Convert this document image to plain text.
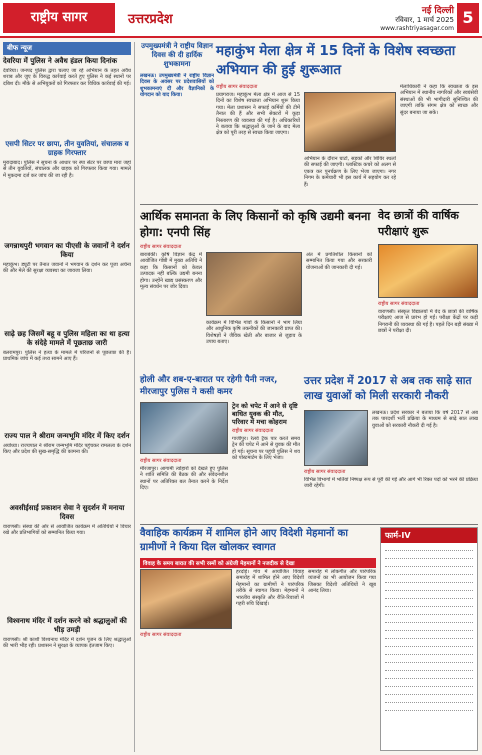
राष्ट्रीय सागर	उत्तरप्रदेश
नई दिल्ली
रविवार, 1 मार्च 2025
www.rashtriyasagar.com
5
बीफ न्यूज
देवरिया में पुलिस ने अवैध हंडल किया दिनांक
देवरिया। जनपद पुलिस द्वारा चलाए जा रहे अभियान के तहत अवैध शराब और जुए के विरुद्ध कार्रवाई करते हुए पुलिस ने कई स्थानों पर दबिश दी। मौके से अभियुक्तों को गिरफ्तार कर विधिक कार्रवाई की गई।
एसपी सिटर पर छापा, तीन युवतियां, संचालक व ग्राहक गिरफ्तार
मुरादाबाद। पुलिस ने सूचना के आधार पर स्पा सेंटर पर छापा मारा जहां से तीन युवतियों, संचालक और ग्राहक को गिरफ्तार किया गया। मामले में मुकदमा दर्ज कर जांच की जा रही है।
जगन्नाथपुरी भगवान का पीएसी के जवानों ने दर्शन किया
महाकुंभ। ड्यूटी पर तैनात जवानों ने भगवान के दर्शन कर पूजा अर्चना की और मेले की सुरक्षा व्यवस्था का जायजा लिया।
साढ़े छह जिसमें बहू व पुलिस महिला का था हत्या के संदेहे मामले में पूछताछ जारी
बलरामपुर। पुलिस ने हत्या के मामले में परिजनों से पूछताछ की है। प्राथमिक जांच में कई तथ्य सामने आए हैं।
राज्य पाल ने श्रीराम जन्मभूमि मंदिर में किए दर्शन
अयोध्या। राज्यपाल ने श्रीराम जन्मभूमि मंदिर पहुंचकर रामलला के दर्शन किए और प्रदेश की सुख-समृद्धि की कामना की।
अवसीईसाई प्रकाशन सेवा ने सुदर्शन में मनाया दिवस
वाराणसी। संस्था की ओर से आयोजित कार्यक्रम में अतिथियों ने विचार रखे और प्रतिभागियों को सम्मानित किया गया।
विश्वनाथ मंदिर में दर्शन करने को श्रद्धालुओं की भीड़ उमड़ी
वाराणसी। श्री काशी विश्वनाथ मंदिर में दर्शन पूजन के लिए श्रद्धालुओं की भारी भीड़ रही। प्रशासन ने सुरक्षा के व्यापक इंतजाम किए।
उपमुख्यमंत्री ने राष्ट्रीय विज्ञान दिवस की दी हार्दिक शुभकामना
लखनऊ। उपमुख्यमंत्री ने राष्ट्रीय विज्ञान दिवस के अवसर पर प्रदेशवासियों को शुभकामनाएं दीं और वैज्ञानिकों के योगदान को याद किया।
महाकुंभ मेला क्षेत्र में 15 दिनों के विशेष स्वच्छता अभियान की हुई शुरूआत
राष्ट्रीय सागर संवाददाता
प्रयागराज। महाकुंभ मेला क्षेत्र में आज से 15 दिनों का विशेष स्वच्छता अभियान शुरू किया गया। मेला प्रशासन ने सफाई कर्मियों की टीमें तैनात की हैं और सभी सेक्टरों में कूड़ा निस्तारण की व्यवस्था की गई है। अधिकारियों ने बताया कि श्रद्धालुओं के जाने के बाद मेला क्षेत्र को पूरी तरह से स्वच्छ किया जाएगा।
अभियान के दौरान घाटों, सड़कों और शिविर स्थलों की सफाई की जाएगी। प्लास्टिक कचरे को अलग से एकत्र कर पुनर्चक्रण के लिए भेजा जाएगा। नगर निगम के कर्मचारी भी इस कार्य में सहयोग कर रहे हैं।
मेलाधिकारी ने कहा कि स्वच्छता के इस अभियान में स्थानीय नागरिकों और स्वयंसेवी संस्थाओं की भी भागीदारी सुनिश्चित की जाएगी ताकि संगम क्षेत्र को स्वच्छ और सुंदर बनाया जा सके।
आर्थिक समानता के लिए किसानों को कृषि उद्यमी बनना होगा: एनपी सिंह
राष्ट्रीय सागर संवाददाता
बाराबंकी। कृषि विज्ञान केंद्र में आयोजित गोष्ठी में मुख्य अतिथि ने कहा कि किसानों को केवल उत्पादक नहीं बल्कि उद्यमी बनना होगा। उन्होंने खाद्य प्रसंस्करण और मूल्य संवर्धन पर जोर दिया।
कार्यक्रम में विभिन्न गांवों के किसानों ने भाग लिया और आधुनिक कृषि तकनीकों की जानकारी प्राप्त की। विशेषज्ञों ने जैविक खेती और बाजार से जुड़ाव के उपाय बताए।
अंत में प्रगतिशील किसानों को सम्मानित किया गया और सरकारी योजनाओं की जानकारी दी गई।
वेद छात्रों की वार्षिक परीक्षाएं शुरू
राष्ट्रीय सागर संवाददाता
वाराणसी। संस्कृत विद्यालयों में वेद के छात्रों की वार्षिक परीक्षाएं आज से प्रारंभ हो गईं। परीक्षा केंद्रों पर कड़ी निगरानी की व्यवस्था की गई है। पहले दिन बड़ी संख्या में छात्रों ने परीक्षा दी।
होली और शब-ए-बारात पर रहेगी पैनी नजर, मीरजापुर पुलिस ने कसी कमर
राष्ट्रीय सागर संवाददाता
मीरजापुर। आगामी त्योहारों को देखते हुए पुलिस ने शांति समिति की बैठक की और संवेदनशील स्थानों पर अतिरिक्त बल तैनात करने के निर्देश दिए।
ट्रेन को चपेट में आने से दृष्टि बाधित युवक की मौत, परिवार में मचा कोहराम
राष्ट्रीय सागर संवाददाता
गाजीपुर। रेलवे ट्रैक पार करते समय ट्रेन की चपेट में आने से युवक की मौत हो गई। सूचना पर पहुंची पुलिस ने शव को पोस्टमार्टम के लिए भेजा।
उत्तर प्रदेश में 2017 से अब तक साढ़े सात लाख युवाओं को मिली सरकारी नौकरी
राष्ट्रीय सागर संवाददाता
लखनऊ। प्रदेश सरकार ने बताया कि वर्ष 2017 से अब तक पारदर्शी भर्ती प्रक्रिया के माध्यम से साढ़े सात लाख युवाओं को सरकारी नौकरी दी गई है।
विभिन्न विभागों में भर्तियां निष्पक्ष रूप से पूरी की गईं और आगे भी रिक्त पदों को भरने की प्रक्रिया जारी रहेगी।
वैवाहिक कार्यक्रम में शामिल होने आए विदेशी मेहमानों का ग्रामीणों ने किया दिल खोलकर स्वागत
विवाह के समय बारात की सभी रस्मों को अंग्रेजी मेहमानों ने नजदीक से देखा
राष्ट्रीय सागर संवाददाता
हरदोई। गांव में आयोजित विवाह समारोह में शामिल होने आए विदेशी मेहमानों का ग्रामीणों ने पारंपरिक तरीके से स्वागत किया। मेहमानों ने भारतीय संस्कृति और रीति-रिवाजों में गहरी रुचि दिखाई।
समारोह में लोकगीत और पारंपरिक व्यंजनों का भी आयोजन किया गया जिसका विदेशी अतिथियों ने खूब आनंद लिया।
फार्म-IV
